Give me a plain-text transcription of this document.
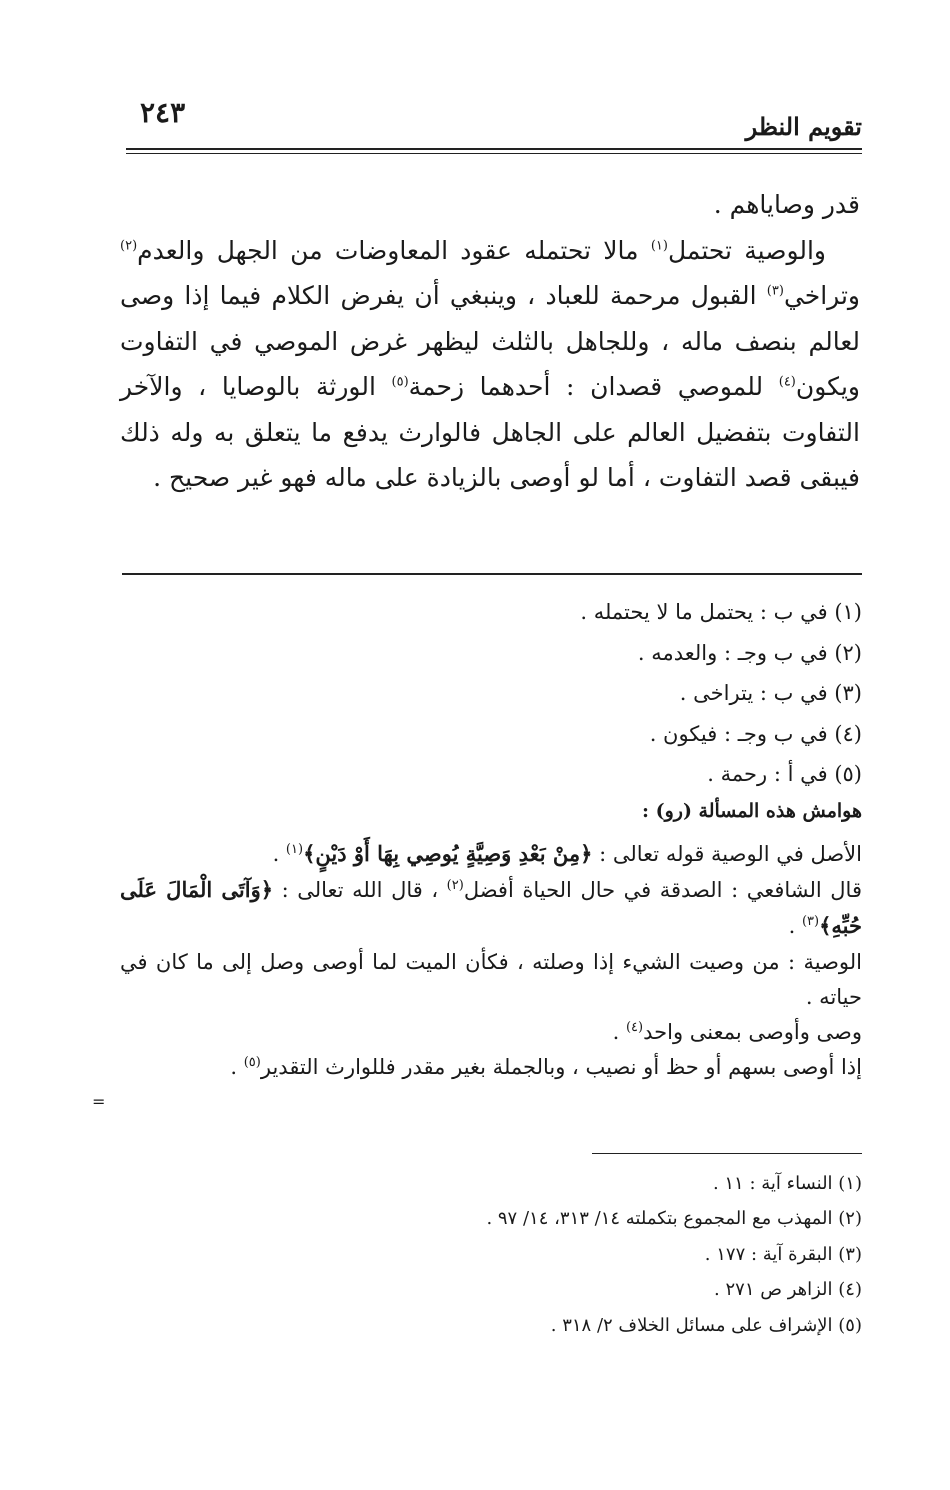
تقويم النظر
٢٤٣

قدر وصاياهم .

والوصية تحتمل$^{(١)}$ مالا تحتمله عقود المعاوضات من الجهل والعدم$^{(٢)}$ وتراخي$^{(٣)}$ القبول مرحمة للعباد ، وينبغي أن يفرض الكلام فيما إذا وصى لعالم بنصف ماله ، وللجاهل بالثلث ليظهر غرض الموصي في التفاوت ويكون$^{(٤)}$ للموصي قصدان : أحدهما زحمة$^{(٥)}$ الورثة بالوصايا ، والآخر التفاوت بتفضيل العالم على الجاهل فالوارث يدفع ما يتعلق به وله ذلك فيبقى قصد التفاوت ، أما لو أوصى بالزيادة على ماله فهو غير صحيح .

(١) في ب : يحتمل ما لا يحتمله .
(٢) في ب وجـ : والعدمه .
(٣) في ب : يتراخى .
(٤) في ب وجـ : فيكون .
(٥) في أ : رحمة .
هوامش هذه المسألة (رو) :

الأصل في الوصية قوله تعالى : ﴿مِنْ بَعْدِ وَصِيَّةٍ يُوصِي بِهَا أَوْ دَيْنٍ﴾$^{(١)}$ .

قال الشافعي : الصدقة في حال الحياة أفضل$^{(٢)}$ ، قال الله تعالى : ﴿وَآتَى الْمَالَ عَلَى حُبِّهِ﴾$^{(٣)}$ .

الوصية : من وصيت الشيء إذا وصلته ، فكأن الميت لما أوصى وصل إلى ما كان في حياته .

وصى وأوصى بمعنى واحد$^{(٤)}$ .

إذا أوصى بسهم أو حظ أو نصيب ، وبالجملة بغير مقدر فللوارث التقدير$^{(٥)}$ .

=
(١) النساء آية : ١١ .
(٢) المهذب مع المجموع بتكملته ١٤/ ٣١٣، ١٤/ ٩٧ .
(٣) البقرة آية : ١٧٧ .
(٤) الزاهر ص ٢٧١ .
(٥) الإشراف على مسائل الخلاف ٢/ ٣١٨ .
